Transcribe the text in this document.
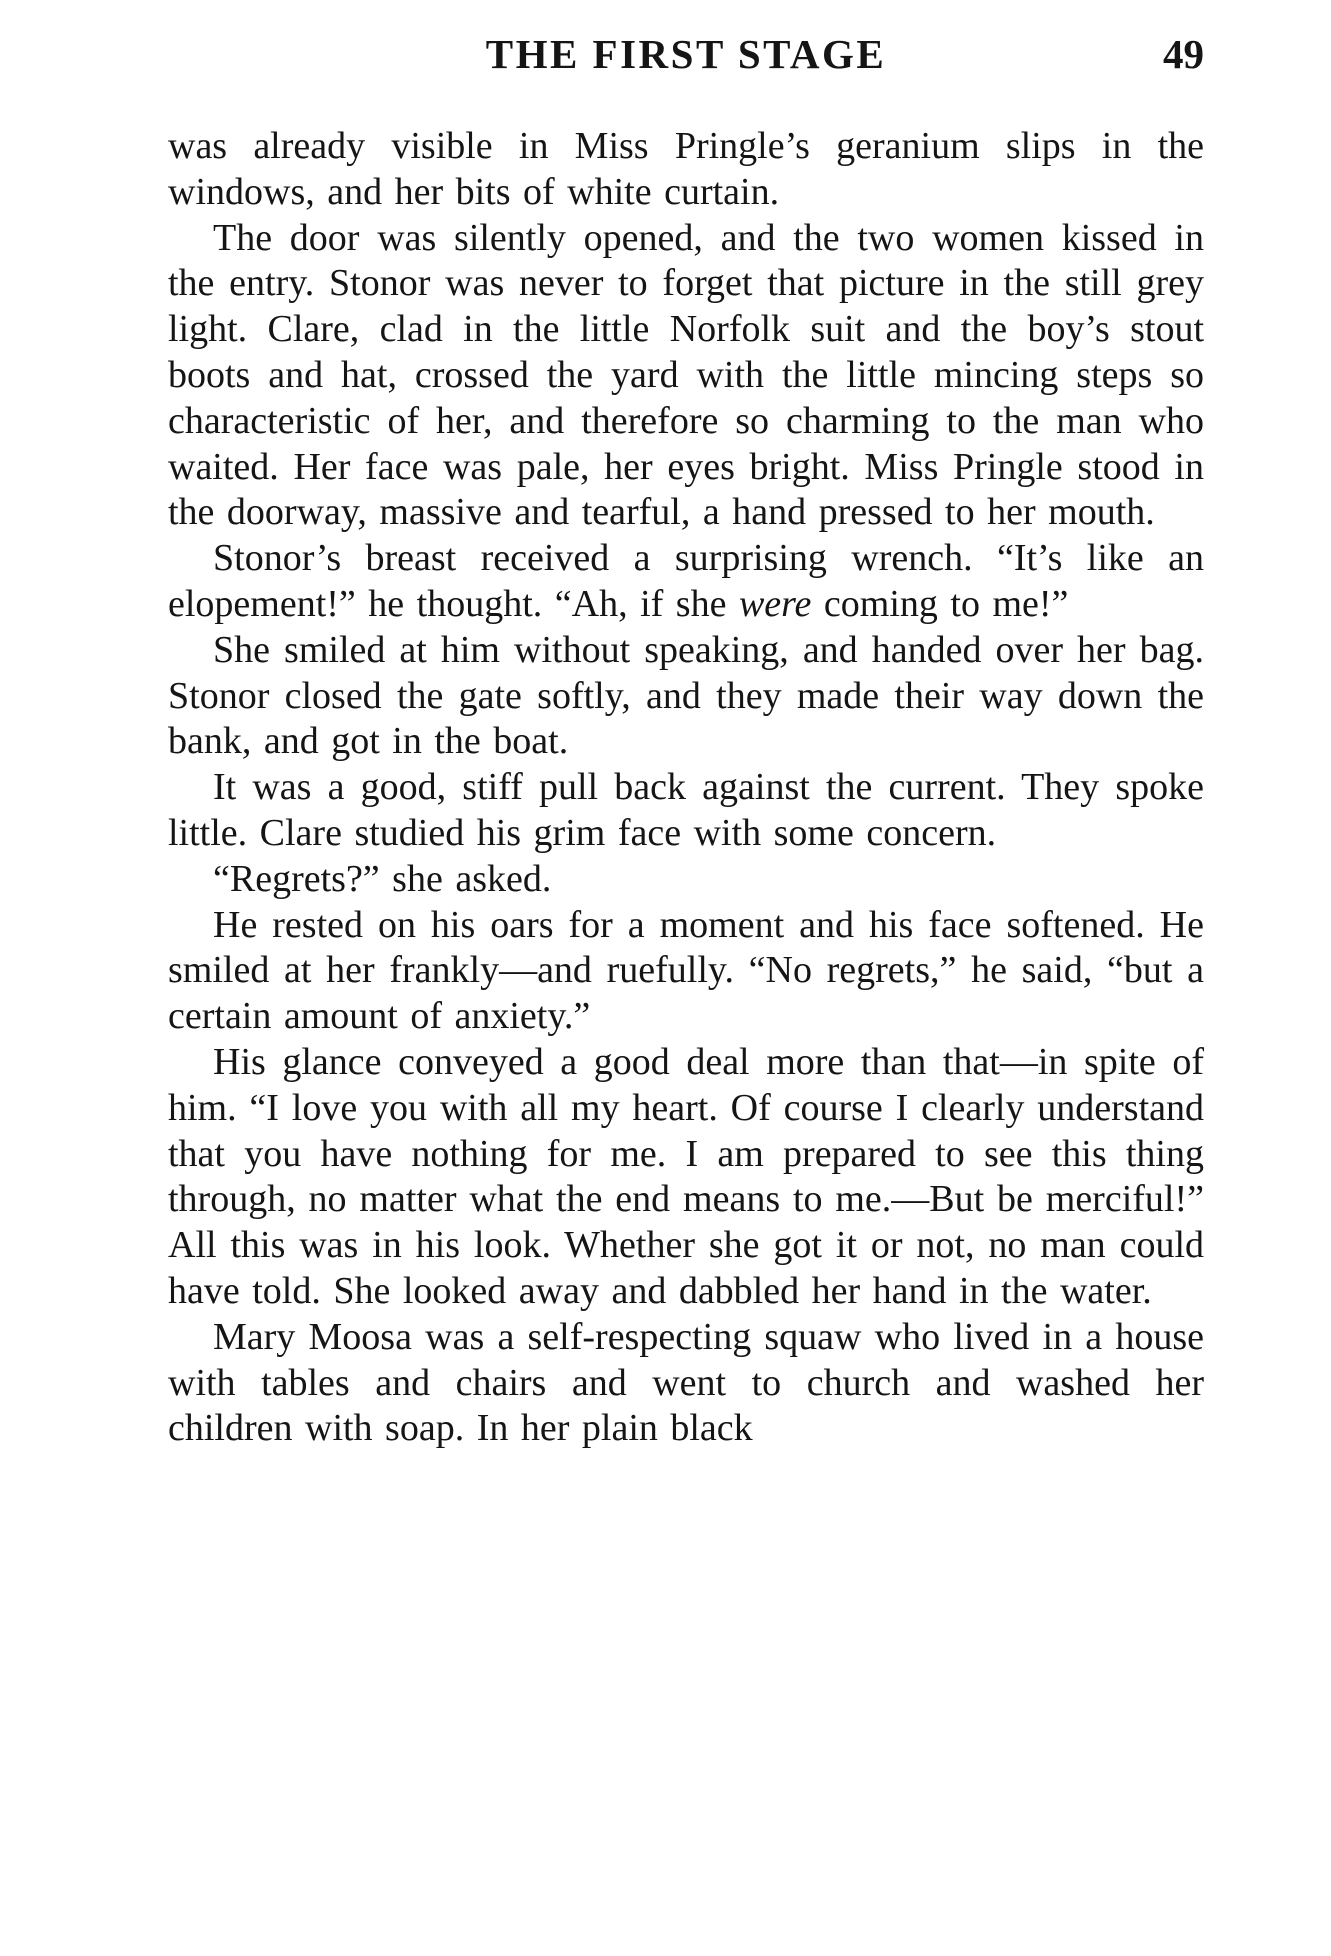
THE FIRST STAGE	49

was already visible in Miss Pringle’s geranium slips in the windows, and her bits of white curtain.

The door was silently opened, and the two women kissed in the entry. Stonor was never to forget that picture in the still grey light. Clare, clad in the little Norfolk suit and the boy’s stout boots and hat, crossed the yard with the little mincing steps so characteristic of her, and therefore so charming to the man who waited. Her face was pale, her eyes bright. Miss Pringle stood in the doorway, massive and tearful, a hand pressed to her mouth.

Stonor’s breast received a surprising wrench. “It’s like an elopement!” he thought. “Ah, if she were coming to me!”

She smiled at him without speaking, and handed over her bag. Stonor closed the gate softly, and they made their way down the bank, and got in the boat.

It was a good, stiff pull back against the current. They spoke little. Clare studied his grim face with some concern.

“Regrets?” she asked.

He rested on his oars for a moment and his face softened. He smiled at her frankly—and ruefully. “No regrets,” he said, “but a certain amount of anxiety.”

His glance conveyed a good deal more than that—in spite of him. “I love you with all my heart. Of course I clearly understand that you have nothing for me. I am prepared to see this thing through, no matter what the end means to me.—But be merciful!” All this was in his look. Whether she got it or not, no man could have told. She looked away and dabbled her hand in the water.

Mary Moosa was a self-respecting squaw who lived in a house with tables and chairs and went to church and washed her children with soap. In her plain black
